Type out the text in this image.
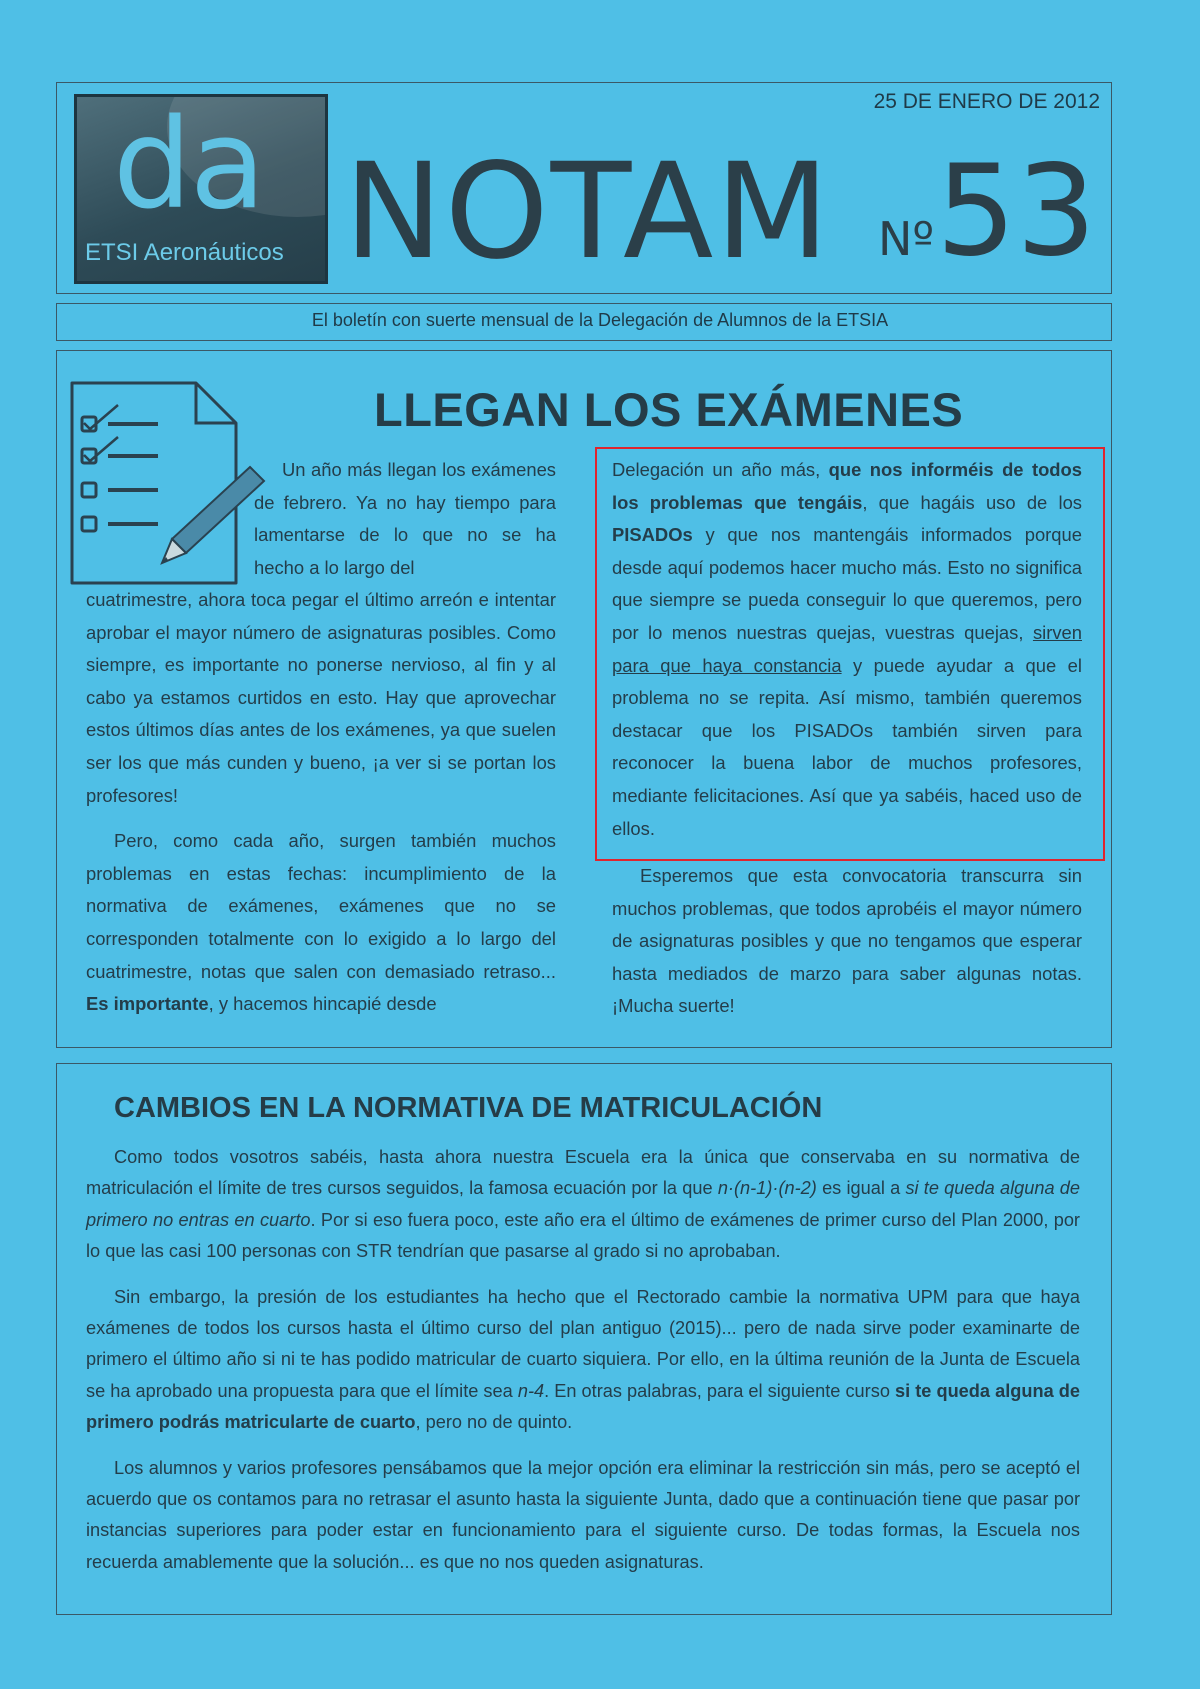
da
ETSI Aeronáuticos
25 DE ENERO DE 2012
NOTAM Nº 53
El boletín con suerte mensual de la Delegación de Alumnos de la ETSIA
LLEGAN LOS EXÁMENES

Un año más llegan los exámenes de febrero. Ya no hay tiempo para lamentarse de lo que no se ha hecho a lo largo del

cuatrimestre, ahora toca pegar el último arreón e intentar aprobar el mayor número de asignaturas posibles. Como siempre, es importante no ponerse nervioso, al fin y al cabo ya estamos curtidos en esto. Hay que aprovechar estos últimos días antes de los exámenes, ya que suelen ser los que más cunden y bueno, ¡a ver si se portan los profesores!

Pero, como cada año, surgen también muchos problemas en estas fechas: incumplimiento de la normativa de exámenes, exámenes que no se corresponden totalmente con lo exigido a lo largo del cuatrimestre, notas que salen con demasiado retraso... Es importante, y hacemos hincapié desde

Delegación un año más, que nos informéis de todos los problemas que tengáis, que hagáis uso de los PISADOs y que nos mantengáis informados porque desde aquí podemos hacer mucho más. Esto no significa que siempre se pueda conseguir lo que queremos, pero por lo menos nuestras quejas, vuestras quejas, sirven para que haya constancia y puede ayudar a que el problema no se repita. Así mismo, también queremos destacar que los PISADOs también sirven para reconocer la buena labor de muchos profesores, mediante felicitaciones. Así que ya sabéis, haced uso de ellos.

Esperemos que esta convocatoria transcurra sin muchos problemas, que todos aprobéis el mayor número de asignaturas posibles y que no tengamos que esperar hasta mediados de marzo para saber algunas notas. ¡Mucha suerte!

CAMBIOS EN LA NORMATIVA DE MATRICULACIÓN

Como todos vosotros sabéis, hasta ahora nuestra Escuela era la única que conservaba en su normativa de matriculación el límite de tres cursos seguidos, la famosa ecuación por la que n·(n-1)·(n-2) es igual a si te queda alguna de primero no entras en cuarto. Por si eso fuera poco, este año era el último de exámenes de primer curso del Plan 2000, por lo que las casi 100 personas con STR tendrían que pasarse al grado si no aprobaban.

Sin embargo, la presión de los estudiantes ha hecho que el Rectorado cambie la normativa UPM para que haya exámenes de todos los cursos hasta el último curso del plan antiguo (2015)... pero de nada sirve poder examinarte de primero el último año si ni te has podido matricular de cuarto siquiera. Por ello, en la última reunión de la Junta de Escuela se ha aprobado una propuesta para que el límite sea n-4. En otras palabras, para el siguiente curso si te queda alguna de primero podrás matricularte de cuarto, pero no de quinto.

Los alumnos y varios profesores pensábamos que la mejor opción era eliminar la restricción sin más, pero se aceptó el acuerdo que os contamos para no retrasar el asunto hasta la siguiente Junta, dado que a continuación tiene que pasar por instancias superiores para poder estar en funcionamiento para el siguiente curso. De todas formas, la Escuela nos recuerda amablemente que la solución... es que no nos queden asignaturas.
